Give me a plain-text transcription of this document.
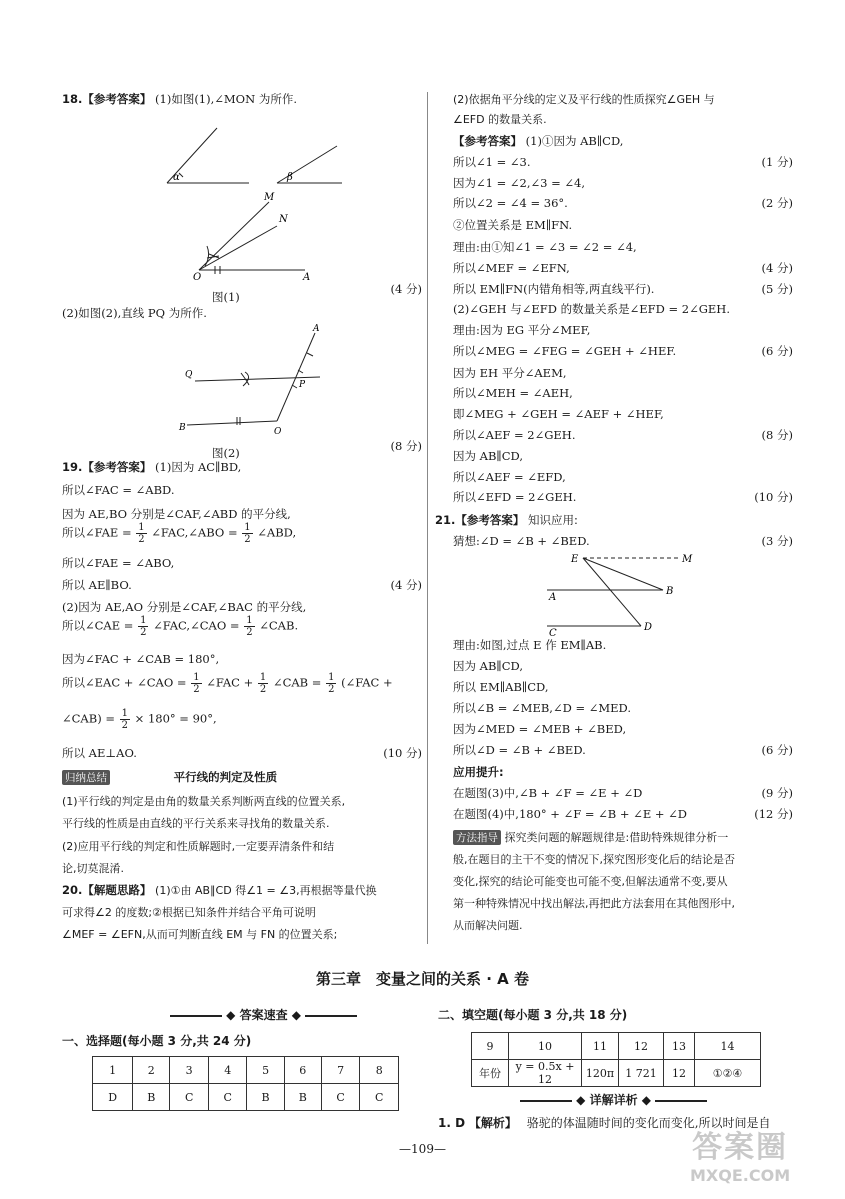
18.【参考答案】 (1)如图(1),∠MON 为所作.
α	β
M
N
O	A
图(1)
(4 分)
(2)如图(2),直线 PQ 为所作.
A
Q
P
B	O
图(2)	(8 分)
19.【参考答案】 (1)因为 AC∥BD,
所以∠FAC = ∠ABD.
因为 AE,BO 分别是∠CAF,∠ABD 的平分线,
所以∠FAE = $\frac{1}{2}$ ∠FAC,∠ABO = $\frac{1}{2}$ ∠ABD,
所以∠FAE = ∠ABO,
所以 AE∥BO.	(4 分)
(2)因为 AE,AO 分别是∠CAF,∠BAC 的平分线,
所以∠CAE = $\frac{1}{2}$ ∠FAC,∠CAO = $\frac{1}{2}$ ∠CAB.
因为∠FAC + ∠CAB = 180°,
所以∠EAC + ∠CAO = $\frac{1}{2}$ ∠FAC + $\frac{1}{2}$ ∠CAB = $\frac{1}{2}$ (∠FAC +
∠CAB) = $\frac{1}{2} \times 180^\circ = 90^\circ$,
所以 AE⊥AO.	(10 分)
归纳总结	平行线的判定及性质
(1)平行线的判定是由角的数量关系判断两直线的位置关系,
平行线的性质是由直线的平行关系来寻找角的数量关系.
(2)应用平行线的判定和性质解题时,一定要弄清条件和结
论,切莫混淆.
20.【解题思路】 (1)①由 AB∥CD 得∠1 = ∠3,再根据等量代换
可求得∠2 的度数;②根据已知条件并结合平角可说明
∠MEF = ∠EFN,从而可判断直线 EM 与 FN 的位置关系;
(2)依据角平分线的定义及平行线的性质探究∠GEH 与
∠EFD 的数量关系.
【参考答案】 (1)①因为 AB∥CD,
所以∠1 = ∠3.	(1 分)
因为∠1 = ∠2,∠3 = ∠4,
所以∠2 = ∠4 = 36°.	(2 分)
②位置关系是 EM∥FN.
理由:由①知∠1 = ∠3 = ∠2 = ∠4,
所以∠MEF = ∠EFN,	(4 分)
所以 EM∥FN(内错角相等,两直线平行).	(5 分)
(2)∠GEH 与∠EFD 的数量关系是∠EFD = 2∠GEH.
理由:因为 EG 平分∠MEF,
所以∠MEG = ∠FEG = ∠GEH + ∠HEF.	(6 分)
因为 EH 平分∠AEM,
所以∠MEH = ∠AEH,
即∠MEG + ∠GEH = ∠AEF + ∠HEF,
所以∠AEF = 2∠GEH.	(8 分)
因为 AB∥CD,
所以∠AEF = ∠EFD,
所以∠EFD = 2∠GEH.	(10 分)
21.【参考答案】 知识应用:
猜想:∠D = ∠B + ∠BED.	(3 分)
E	M
B
A
C
D
理由:如图,过点 E 作 EM∥AB.
因为 AB∥CD,
所以 EM∥AB∥CD,
所以∠B = ∠MEB,∠D = ∠MED.
因为∠MED = ∠MEB + ∠BED,
所以∠D = ∠B + ∠BED.	(6 分)
应用提升:
在题图(3)中,∠B + ∠F = ∠E + ∠D	(9 分)
在题图(4)中,180° + ∠F = ∠B + ∠E + ∠D	(12 分)
方法指导 探究类问题的解题规律是:借助特殊规律分析一
般,在题目的主干不变的情况下,探究图形变化后的结论是否
变化,探究的结论可能变也可能不变,但解法通常不变,要从
第一种特殊情况中找出解法,再把此方法套用在其他图形中,
从而解决问题.
第三章　变量之间的关系 · A 卷
◆ 答案速查 ◆
一、选择题(每小题 3 分,共 24 分)
1	2	3	4	5	6	7	8
D	B	C	C	B	B	C	C
二、填空题(每小题 3 分,共 18 分)
9	10	11	12	13	14
年份	y = 0.5x + 12	120π	1 721	12	①②④
◆ 详解详析 ◆
1. D 【解析】 骆驼的体温随时间的变化而变化,所以时间是自
—109—	答案圈
MXQE.COM
